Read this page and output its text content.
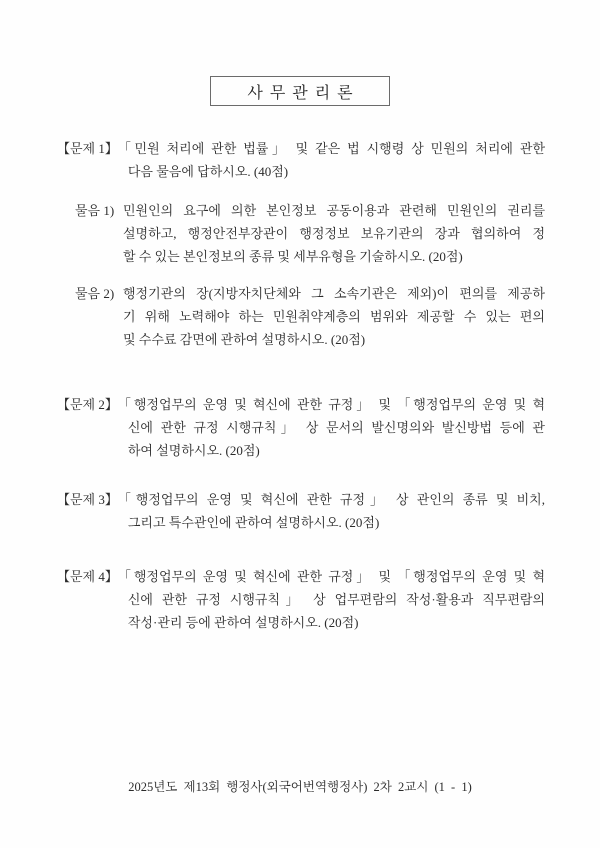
사무관리론
【문제 1】 「민원 처리에 관한 법률」 및 같은 법 시행령 상 민원의 처리에 관한
다음 물음에 답하시오. (40점)
물음 1) 민원인의 요구에 의한 본인정보 공동이용과 관련해 민원인의 권리를
설명하고, 행정안전부장관이 행정정보 보유기관의 장과 협의하여 정
할 수 있는 본인정보의 종류 및 세부유형을 기술하시오. (20점)
물음 2) 행정기관의 장(지방자치단체와 그 소속기관은 제외)이 편의를 제공하
기 위해 노력해야 하는 민원취약계층의 범위와 제공할 수 있는 편의
및 수수료 감면에 관하여 설명하시오. (20점)
【문제 2】 「행정업무의 운영 및 혁신에 관한 규정」 및 「행정업무의 운영 및 혁
신에 관한 규정 시행규칙」 상 문서의 발신명의와 발신방법 등에 관
하여 설명하시오. (20점)
【문제 3】 「행정업무의 운영 및 혁신에 관한 규정」 상 관인의 종류 및 비치,
그리고 특수관인에 관하여 설명하시오. (20점)
【문제 4】 「행정업무의 운영 및 혁신에 관한 규정」 및 「행정업무의 운영 및 혁
신에 관한 규정 시행규칙」 상 업무편람의 작성·활용과 직무편람의
작성·관리 등에 관하여 설명하시오. (20점)
2025년도 제13회 행정사(외국어번역행정사) 2차 2교시 (1 - 1)
